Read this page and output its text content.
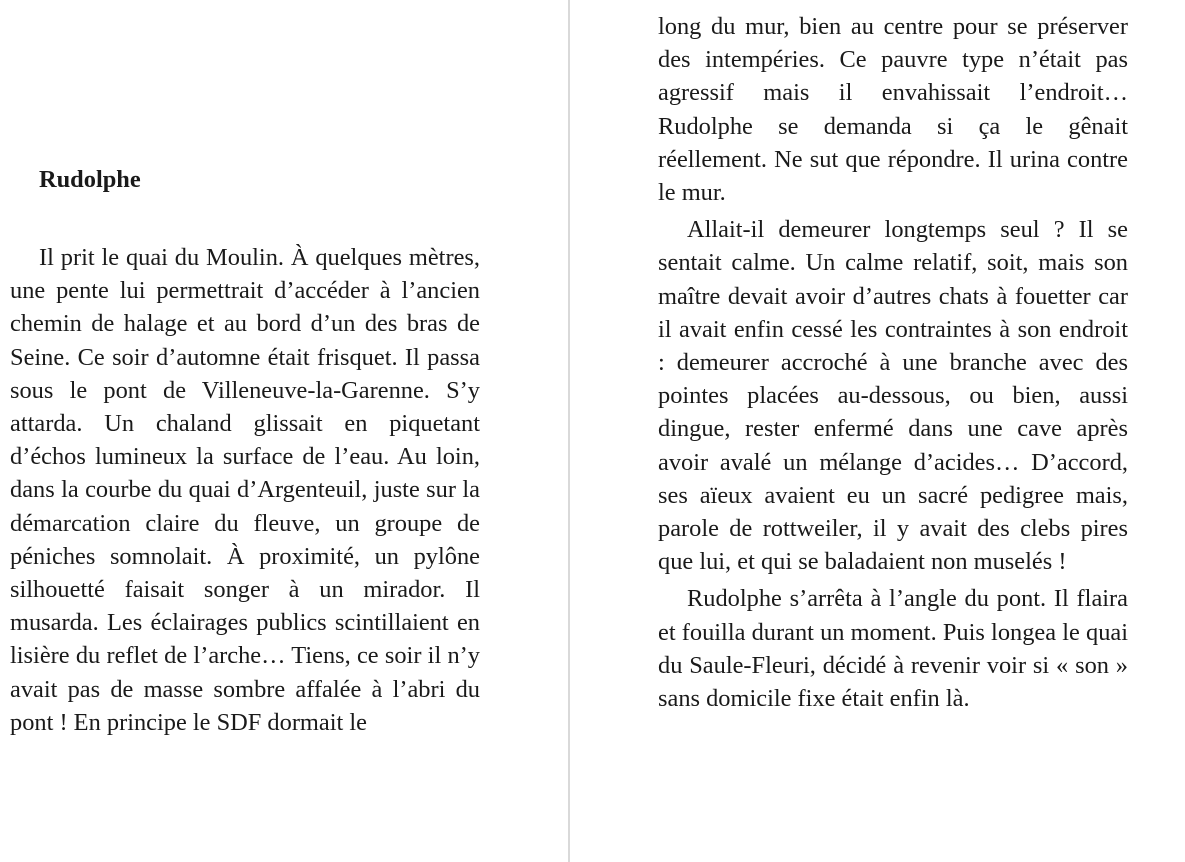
Rudolphe

Il prit le quai du Moulin. À quelques mètres, une pente lui permettrait d’accéder à l’ancien chemin de halage et au bord d’un des bras de Seine. Ce soir d’automne était frisquet. Il passa sous le pont de Villeneuve-la-Garenne. S’y attarda. Un chaland glissait en piquetant d’échos lumineux la surface de l’eau. Au loin, dans la courbe du quai d’Argenteuil, juste sur la démarcation claire du fleuve, un groupe de péniches somnolait. À proximité, un pylône silhouetté faisait songer à un mirador. Il musarda. Les éclairages publics scintillaient en lisière du reflet de l’arche… Tiens, ce soir il n’y avait pas de masse sombre affalée à l’abri du pont ! En principe le SDF dormait le

long du mur, bien au centre pour se préserver des intempéries. Ce pauvre type n’était pas agressif mais il envahissait l’endroit… Rudolphe se demanda si ça le gênait réellement. Ne sut que répondre. Il urina contre le mur.

Allait-il demeurer longtemps seul ? Il se sentait calme. Un calme relatif, soit, mais son maître devait avoir d’autres chats à fouetter car il avait enfin cessé les contraintes à son endroit : demeurer accroché à une branche avec des pointes placées au-dessous, ou bien, aussi dingue, rester enfermé dans une cave après avoir avalé un mélange d’acides… D’accord, ses aïeux avaient eu un sacré pedigree mais, parole de rottweiler, il y avait des clebs pires que lui, et qui se baladaient non muselés !

Rudolphe s’arrêta à l’angle du pont. Il flaira et fouilla durant un moment. Puis longea le quai du Saule-Fleuri, décidé à revenir voir si « son » sans domicile fixe était enfin là.
